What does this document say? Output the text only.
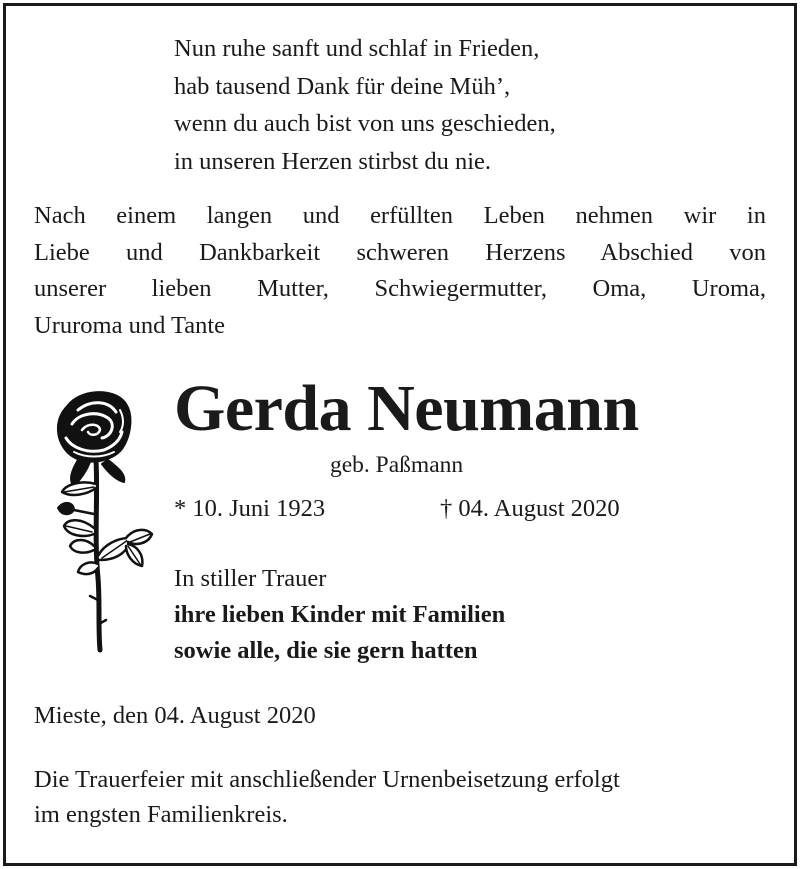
Nun ruhe sanft und schlaf in Frieden,
hab tausend Dank für deine Müh’,
wenn du auch bist von uns geschieden,
in unseren Herzen stirbst du nie.
Nach einem langen und erfüllten Leben nehmen wir in
Liebe und Dankbarkeit schweren Herzens Abschied von
unserer lieben Mutter, Schwiegermutter, Oma, Uroma,
Ururoma und Tante
Gerda Neumann
geb. Paßmann
* 10. Juni 1923	† 04. August 2020
In stiller Trauer
ihre lieben Kinder mit Familien
sowie alle, die sie gern hatten
Mieste, den 04. August 2020
Die Trauerfeier mit anschließender Urnenbeisetzung erfolgt
im engsten Familienkreis.
